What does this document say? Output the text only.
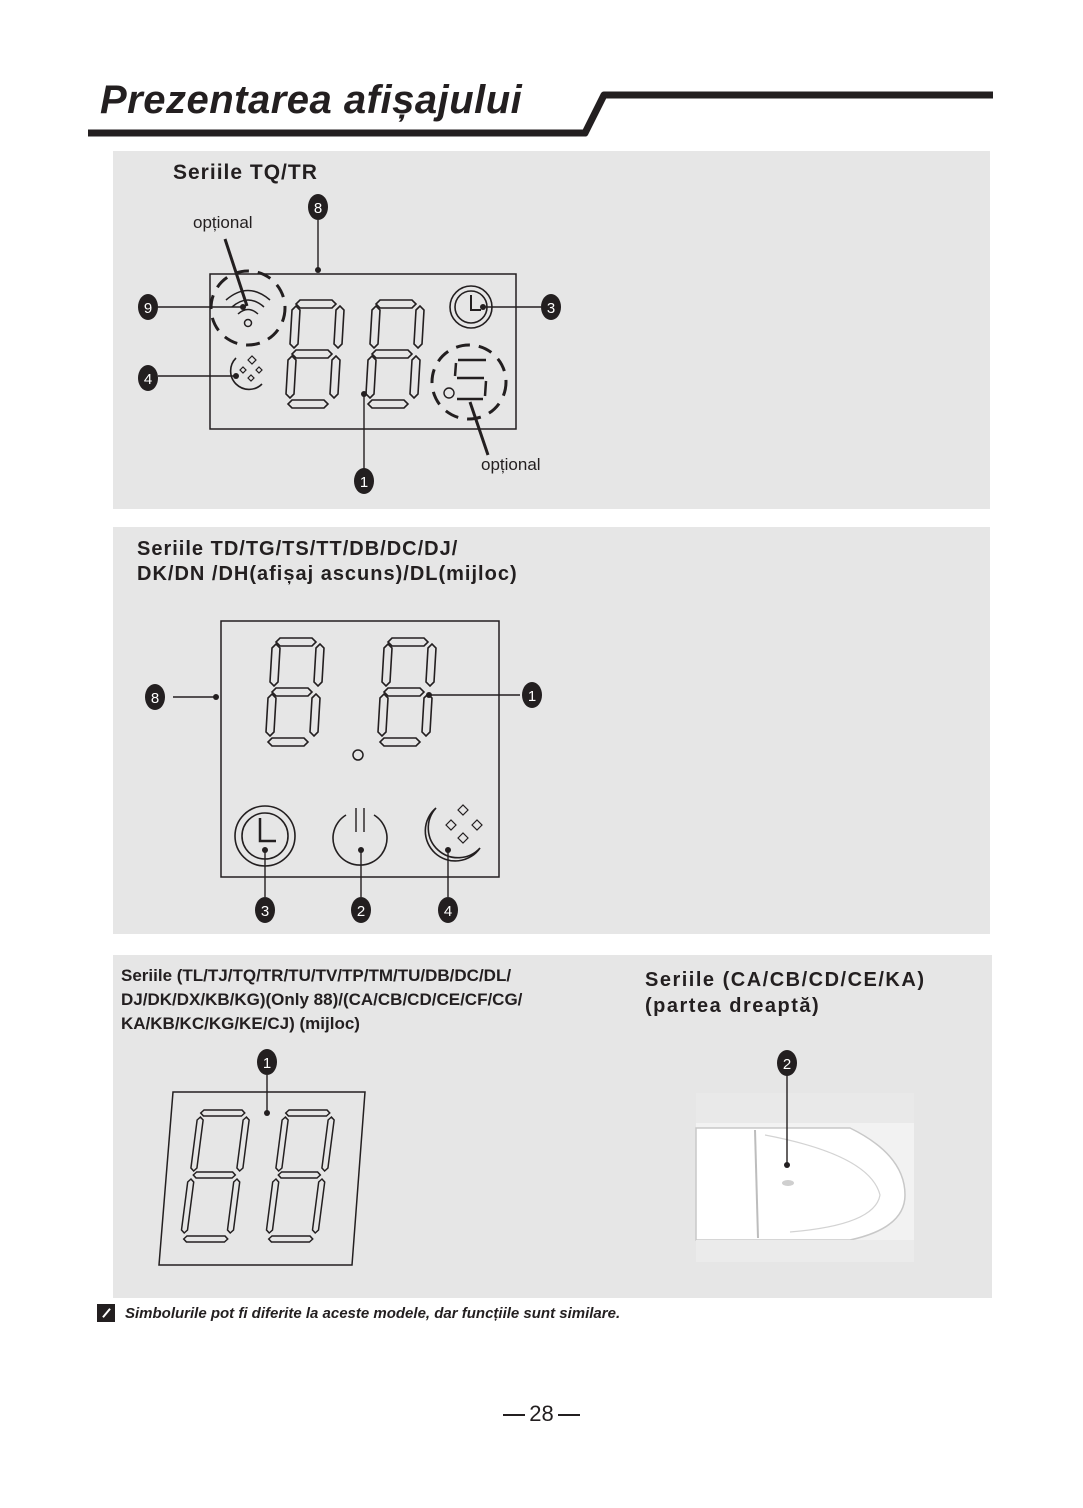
Prezentarea afișajului

Seriile TQ/TR

opțional
opțional
8
9	3
4
1

Seriile TD/TG/TS/TT/DB/DC/DJ/

DK/DN /DH(afișaj ascuns)/DL(mijloc)

8	1
3	2	4

Seriile (TL/TJ/TQ/TR/TU/TV/TP/TM/TU/DB/DC/DL/

DJ/DK/DX/KB/KG)(Only 88)/(CA/CB/CD/CE/CF/CG/

KA/KB/KC/KG/KE/CJ) (mijloc)

Seriile (CA/CB/CD/CE/KA)

(partea dreaptă)

1	2
Simbolurile pot fi diferite la aceste modele, dar funcțiile sunt similare.
28
